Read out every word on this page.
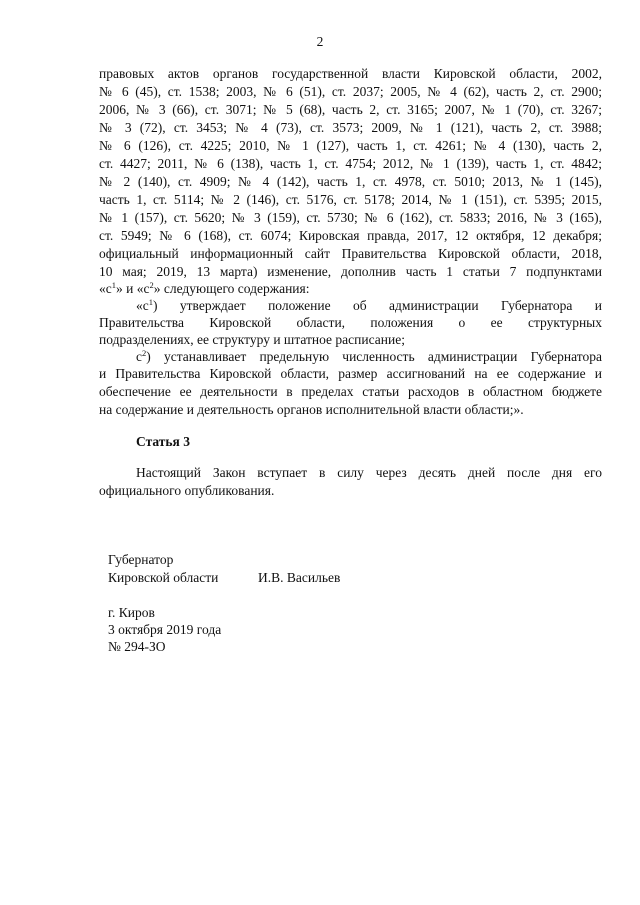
2
правовых актов органов государственной власти Кировской области, 2002,
№ 6 (45), ст. 1538; 2003, № 6 (51), ст. 2037; 2005, № 4 (62), часть 2, ст. 2900;
2006, № 3 (66), ст. 3071; № 5 (68), часть 2, ст. 3165; 2007, № 1 (70), ст. 3267;
№ 3 (72), ст. 3453; № 4 (73), ст. 3573; 2009, № 1 (121), часть 2, ст. 3988;
№ 6 (126), ст. 4225; 2010, № 1 (127), часть 1, ст. 4261; № 4 (130), часть 2,
ст. 4427; 2011, № 6 (138), часть 1, ст. 4754; 2012, № 1 (139), часть 1, ст. 4842;
№ 2 (140), ст. 4909; № 4 (142), часть 1, ст. 4978, ст. 5010; 2013, № 1 (145),
часть 1, ст. 5114; № 2 (146), ст. 5176, ст. 5178; 2014, № 1 (151), ст. 5395; 2015,
№ 1 (157), ст. 5620; № 3 (159), ст. 5730; № 6 (162), ст. 5833; 2016, № 3 (165),
ст. 5949; № 6 (168), ст. 6074; Кировская правда, 2017, 12 октября, 12 декабря;
официальный информационный сайт Правительства Кировской области, 2018,
10 мая; 2019, 13 марта) изменение, дополнив часть 1 статьи 7 подпунктами
«$с^1$» и «$с^2$» следующего содержания:
«$с^1$) утверждает положение об администрации Губернатора и
Правительства Кировской области, положения о ее структурных
подразделениях, ее структуру и штатное расписание;
$с^2$) устанавливает предельную численность администрации Губернатора
и Правительства Кировской области, размер ассигнований на ее содержание и
обеспечение ее деятельности в пределах статьи расходов в областном бюджете
на содержание и деятельность органов исполнительной власти области;».
Статья 3
Настоящий Закон вступает в силу через десять дней после дня его
официального опубликования.
Губернатор
Кировской области	И.В. Васильев
г. Киров
3 октября 2019 года
№ 294-ЗО
